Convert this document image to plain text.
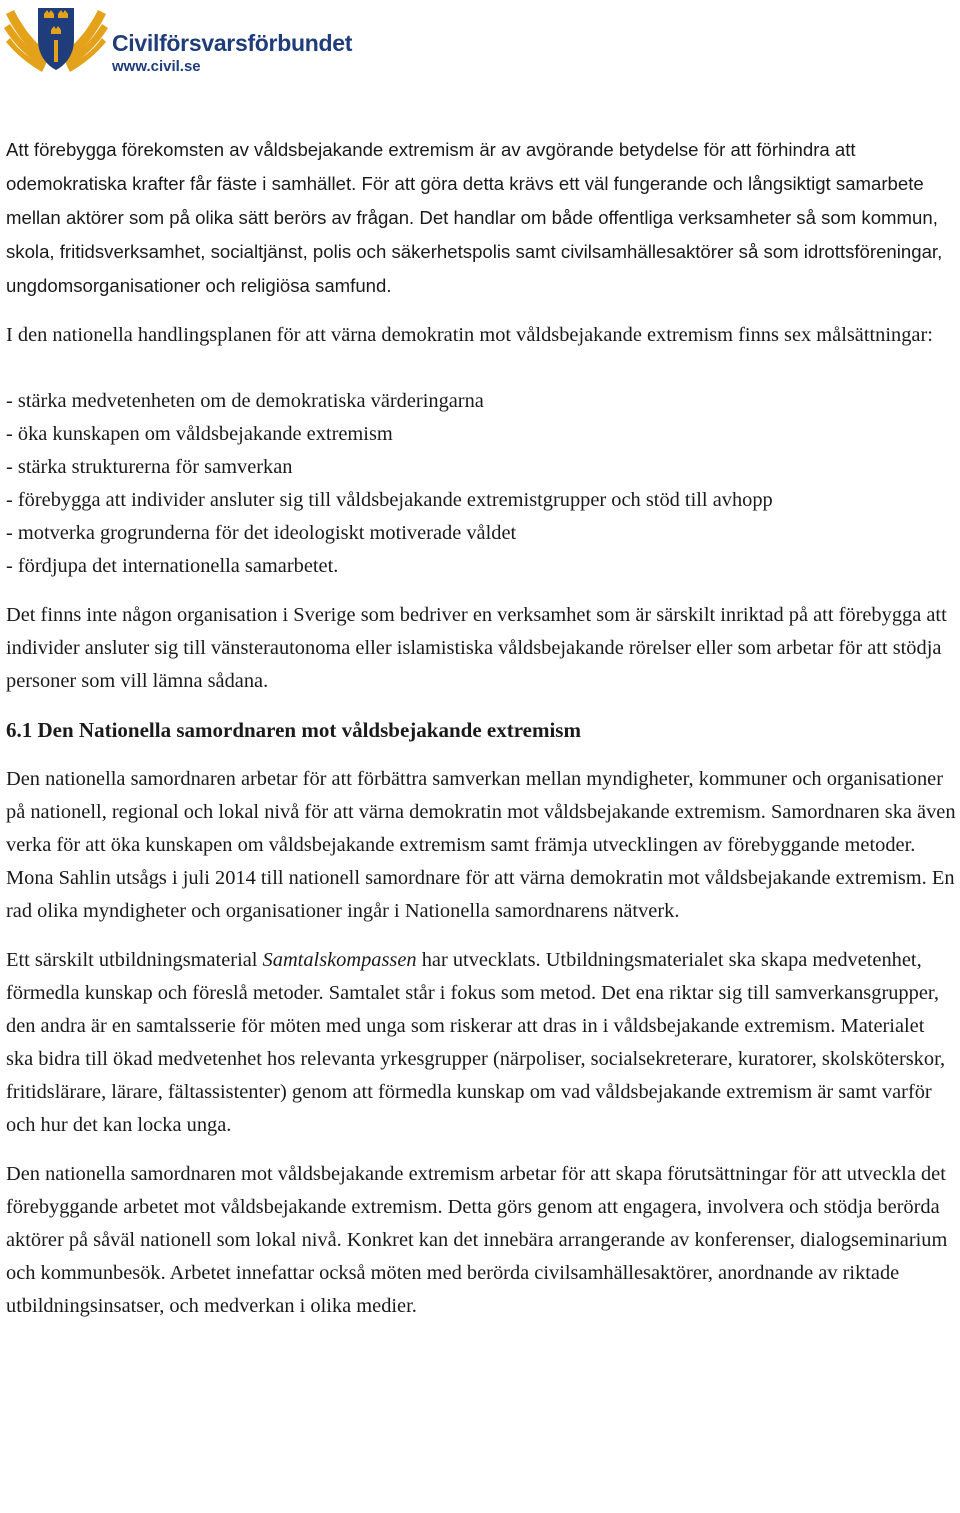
Civilförsvarsförbundet
www.civil.se

Att förebygga förekomsten av våldsbejakande extremism är av avgörande betydelse för att förhindra att odemokratiska krafter får fäste i samhället. För att göra detta krävs ett väl fungerande och långsiktigt samarbete mellan aktörer som på olika sätt berörs av frågan. Det handlar om både offentliga verksamheter så som kommun, skola, fritidsverksamhet, socialtjänst, polis och säkerhetspolis samt civilsamhällesaktörer så som idrottsföreningar, ungdomsorganisationer och religiösa samfund.

I den nationella handlingsplanen för att värna demokratin mot våldsbejakande extremism finns sex målsättningar:

- stärka medvetenheten om de demokratiska värderingarna
- öka kunskapen om våldsbejakande extremism
- stärka strukturerna för samverkan
- förebygga att individer ansluter sig till våldsbejakande extremistgrupper och stöd till avhopp
- motverka grogrunderna för det ideologiskt motiverade våldet
- fördjupa det internationella samarbetet.

Det finns inte någon organisation i Sverige som bedriver en verksamhet som är särskilt inriktad på att förebygga att individer ansluter sig till vänsterautonoma eller islamistiska våldsbejakande rörelser eller som arbetar för att stödja personer som vill lämna sådana.

6.1 Den Nationella samordnaren mot våldsbejakande extremism

Den nationella samordnaren arbetar för att förbättra samverkan mellan myndigheter, kommuner och organisationer på nationell, regional och lokal nivå för att värna demokratin mot våldsbejakande extremism. Samordnaren ska även verka för att öka kunskapen om våldsbejakande extremism samt främja utvecklingen av förebyggande metoder. Mona Sahlin utsågs i juli 2014 till nationell samordnare för att värna demokratin mot våldsbejakande extremism. En rad olika myndigheter och organisationer ingår i Nationella samordnarens nätverk.

Ett särskilt utbildningsmaterial Samtalskompassen har utvecklats. Utbildningsmaterialet ska skapa medvetenhet, förmedla kunskap och föreslå metoder. Samtalet står i fokus som metod. Det ena riktar sig till samverkansgrupper, den andra är en samtalsserie för möten med unga som riskerar att dras in i våldsbejakande extremism. Materialet ska bidra till ökad medvetenhet hos relevanta yrkesgrupper (närpoliser, socialsekreterare, kuratorer, skolsköterskor, fritidslärare, lärare, fältassistenter) genom att förmedla kunskap om vad våldsbejakande extremism är samt varför och hur det kan locka unga.

Den nationella samordnaren mot våldsbejakande extremism arbetar för att skapa förutsättningar för att utveckla det förebyggande arbetet mot våldsbejakande extremism. Detta görs genom att engagera, involvera och stödja berörda aktörer på såväl nationell som lokal nivå. Konkret kan det innebära arrangerande av konferenser, dialogseminarium och kommunbesök. Arbetet innefattar också möten med berörda civilsamhällesaktörer, anordnande av riktade utbildningsinsatser, och medverkan i olika medier.
